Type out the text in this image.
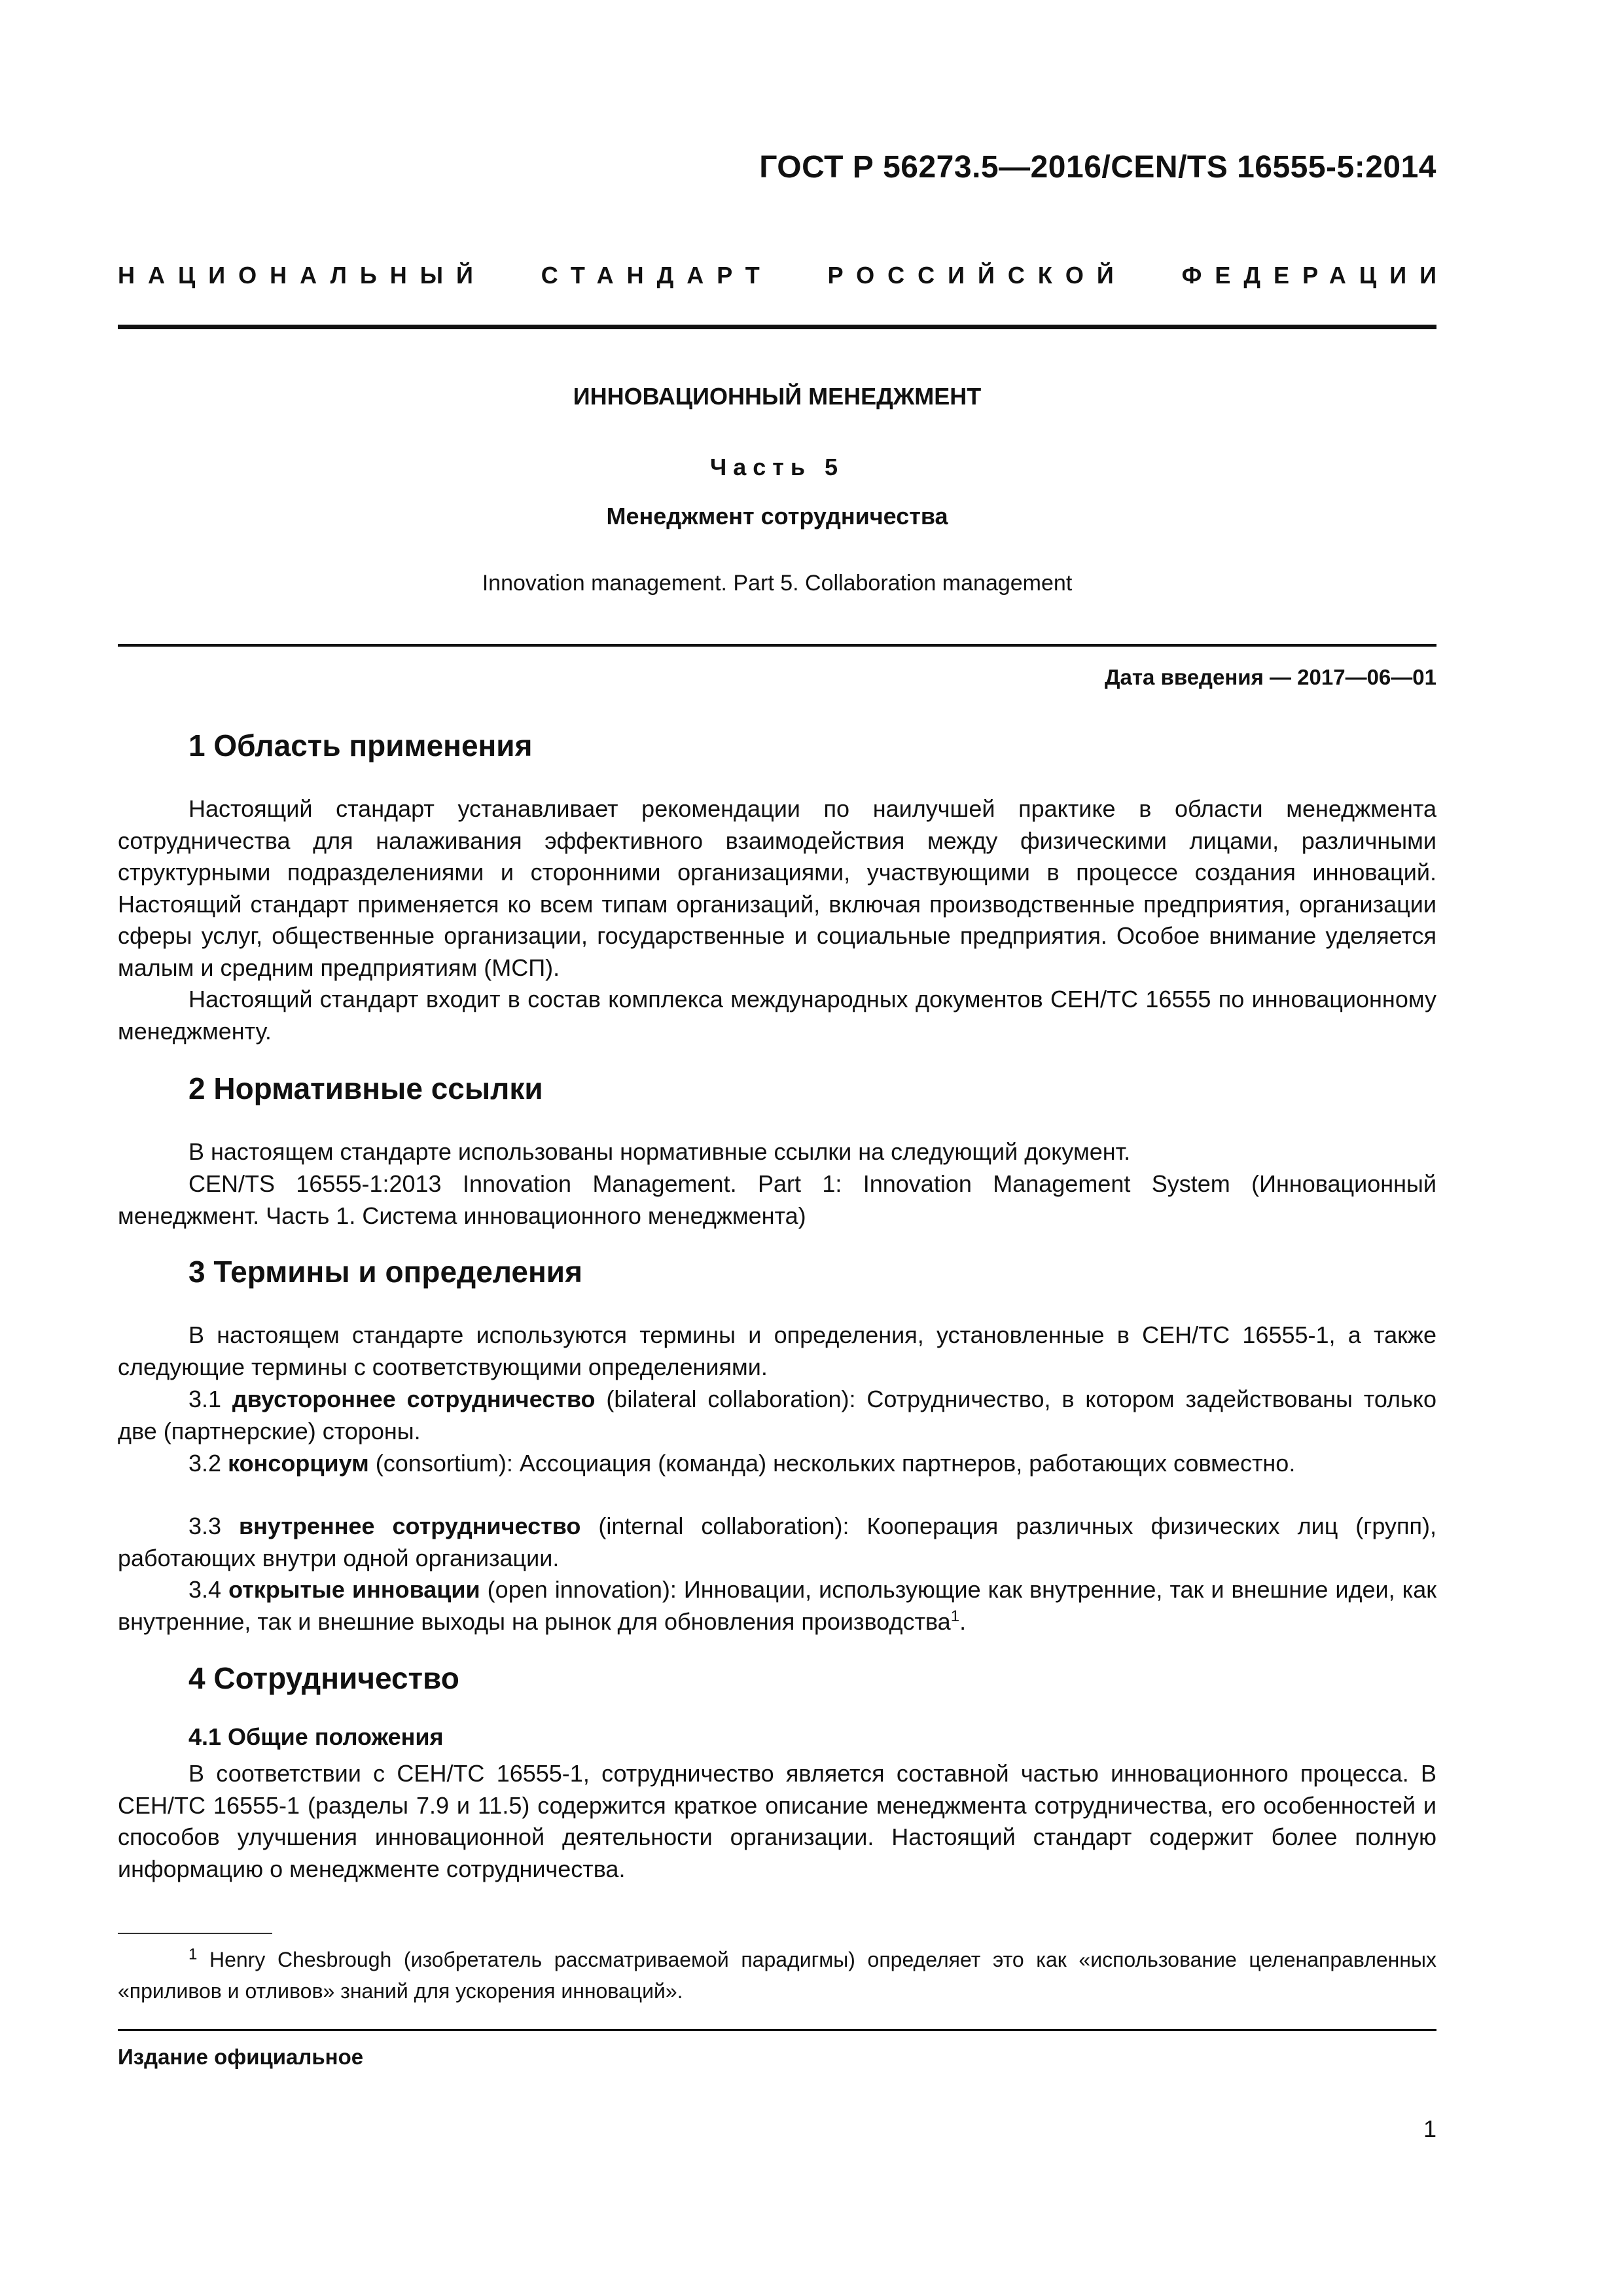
ГОСТ Р 56273.5—2016/CEN/TS 16555-5:2014
НАЦИОНАЛЬНЫЙ СТАНДАРТ РОССИЙСКОЙ ФЕДЕРАЦИИ
ИННОВАЦИОННЫЙ МЕНЕДЖМЕНТ
Часть 5
Менеджмент сотрудничества
Innovation management. Part 5. Collaboration management
Дата введения — 2017—06—01
1 Область применения

Настоящий стандарт устанавливает рекомендации по наилучшей практике в области менеджмента сотрудничества для налаживания эффективного взаимодействия между физическими лицами, различными структурными подразделениями и сторонними организациями, участвующими в процессе создания инноваций. Настоящий стандарт применяется ко всем типам организаций, включая производственные предприятия, организации сферы услуг, общественные организации, государственные и социальные предприятия. Особое внимание уделяется малым и средним предприятиям (МСП).

Настоящий стандарт входит в состав комплекса международных документов СЕН/ТС 16555 по инновационному менеджменту.

2 Нормативные ссылки

В настоящем стандарте использованы нормативные ссылки на следующий документ.

CEN/TS 16555-1:2013 Innovation Management. Part 1: Innovation Management System (Инновационный менеджмент. Часть 1. Система инновационного менеджмента)

3 Термины и определения

В настоящем стандарте используются термины и определения, установленные в СЕН/ТС 16555-1, а также следующие термины с соответствующими определениями.

3.1 двустороннее сотрудничество (bilateral collaboration): Сотрудничество, в котором задействованы только две (партнерские) стороны.

3.2 консорциум (consortium): Ассоциация (команда) нескольких партнеров, работающих совместно.

3.3 внутреннее сотрудничество (internal collaboration): Кооперация различных физических лиц (групп), работающих внутри одной организации.

3.4 открытые инновации (open innovation): Инновации, использующие как внутренние, так и внешние идеи, как внутренние, так и внешние выходы на рынок для обновления производства$^1$.

4 Сотрудничество
4.1 Общие положения

В соответствии с СЕН/ТС 16555-1, сотрудничество является составной частью инновационного процесса. В СЕН/ТС 16555-1 (разделы 7.9 и 11.5) содержится краткое описание менеджмента сотрудничества, его особенностей и способов улучшения инновационной деятельности организации. Настоящий стандарт содержит более полную информацию о менеджменте сотрудничества.

$^1$ Henry Chesbrough (изобретатель рассматриваемой парадигмы) определяет это как «использование целенаправленных «приливов и отливов» знаний для ускорения инноваций».

Издание официальное
1
